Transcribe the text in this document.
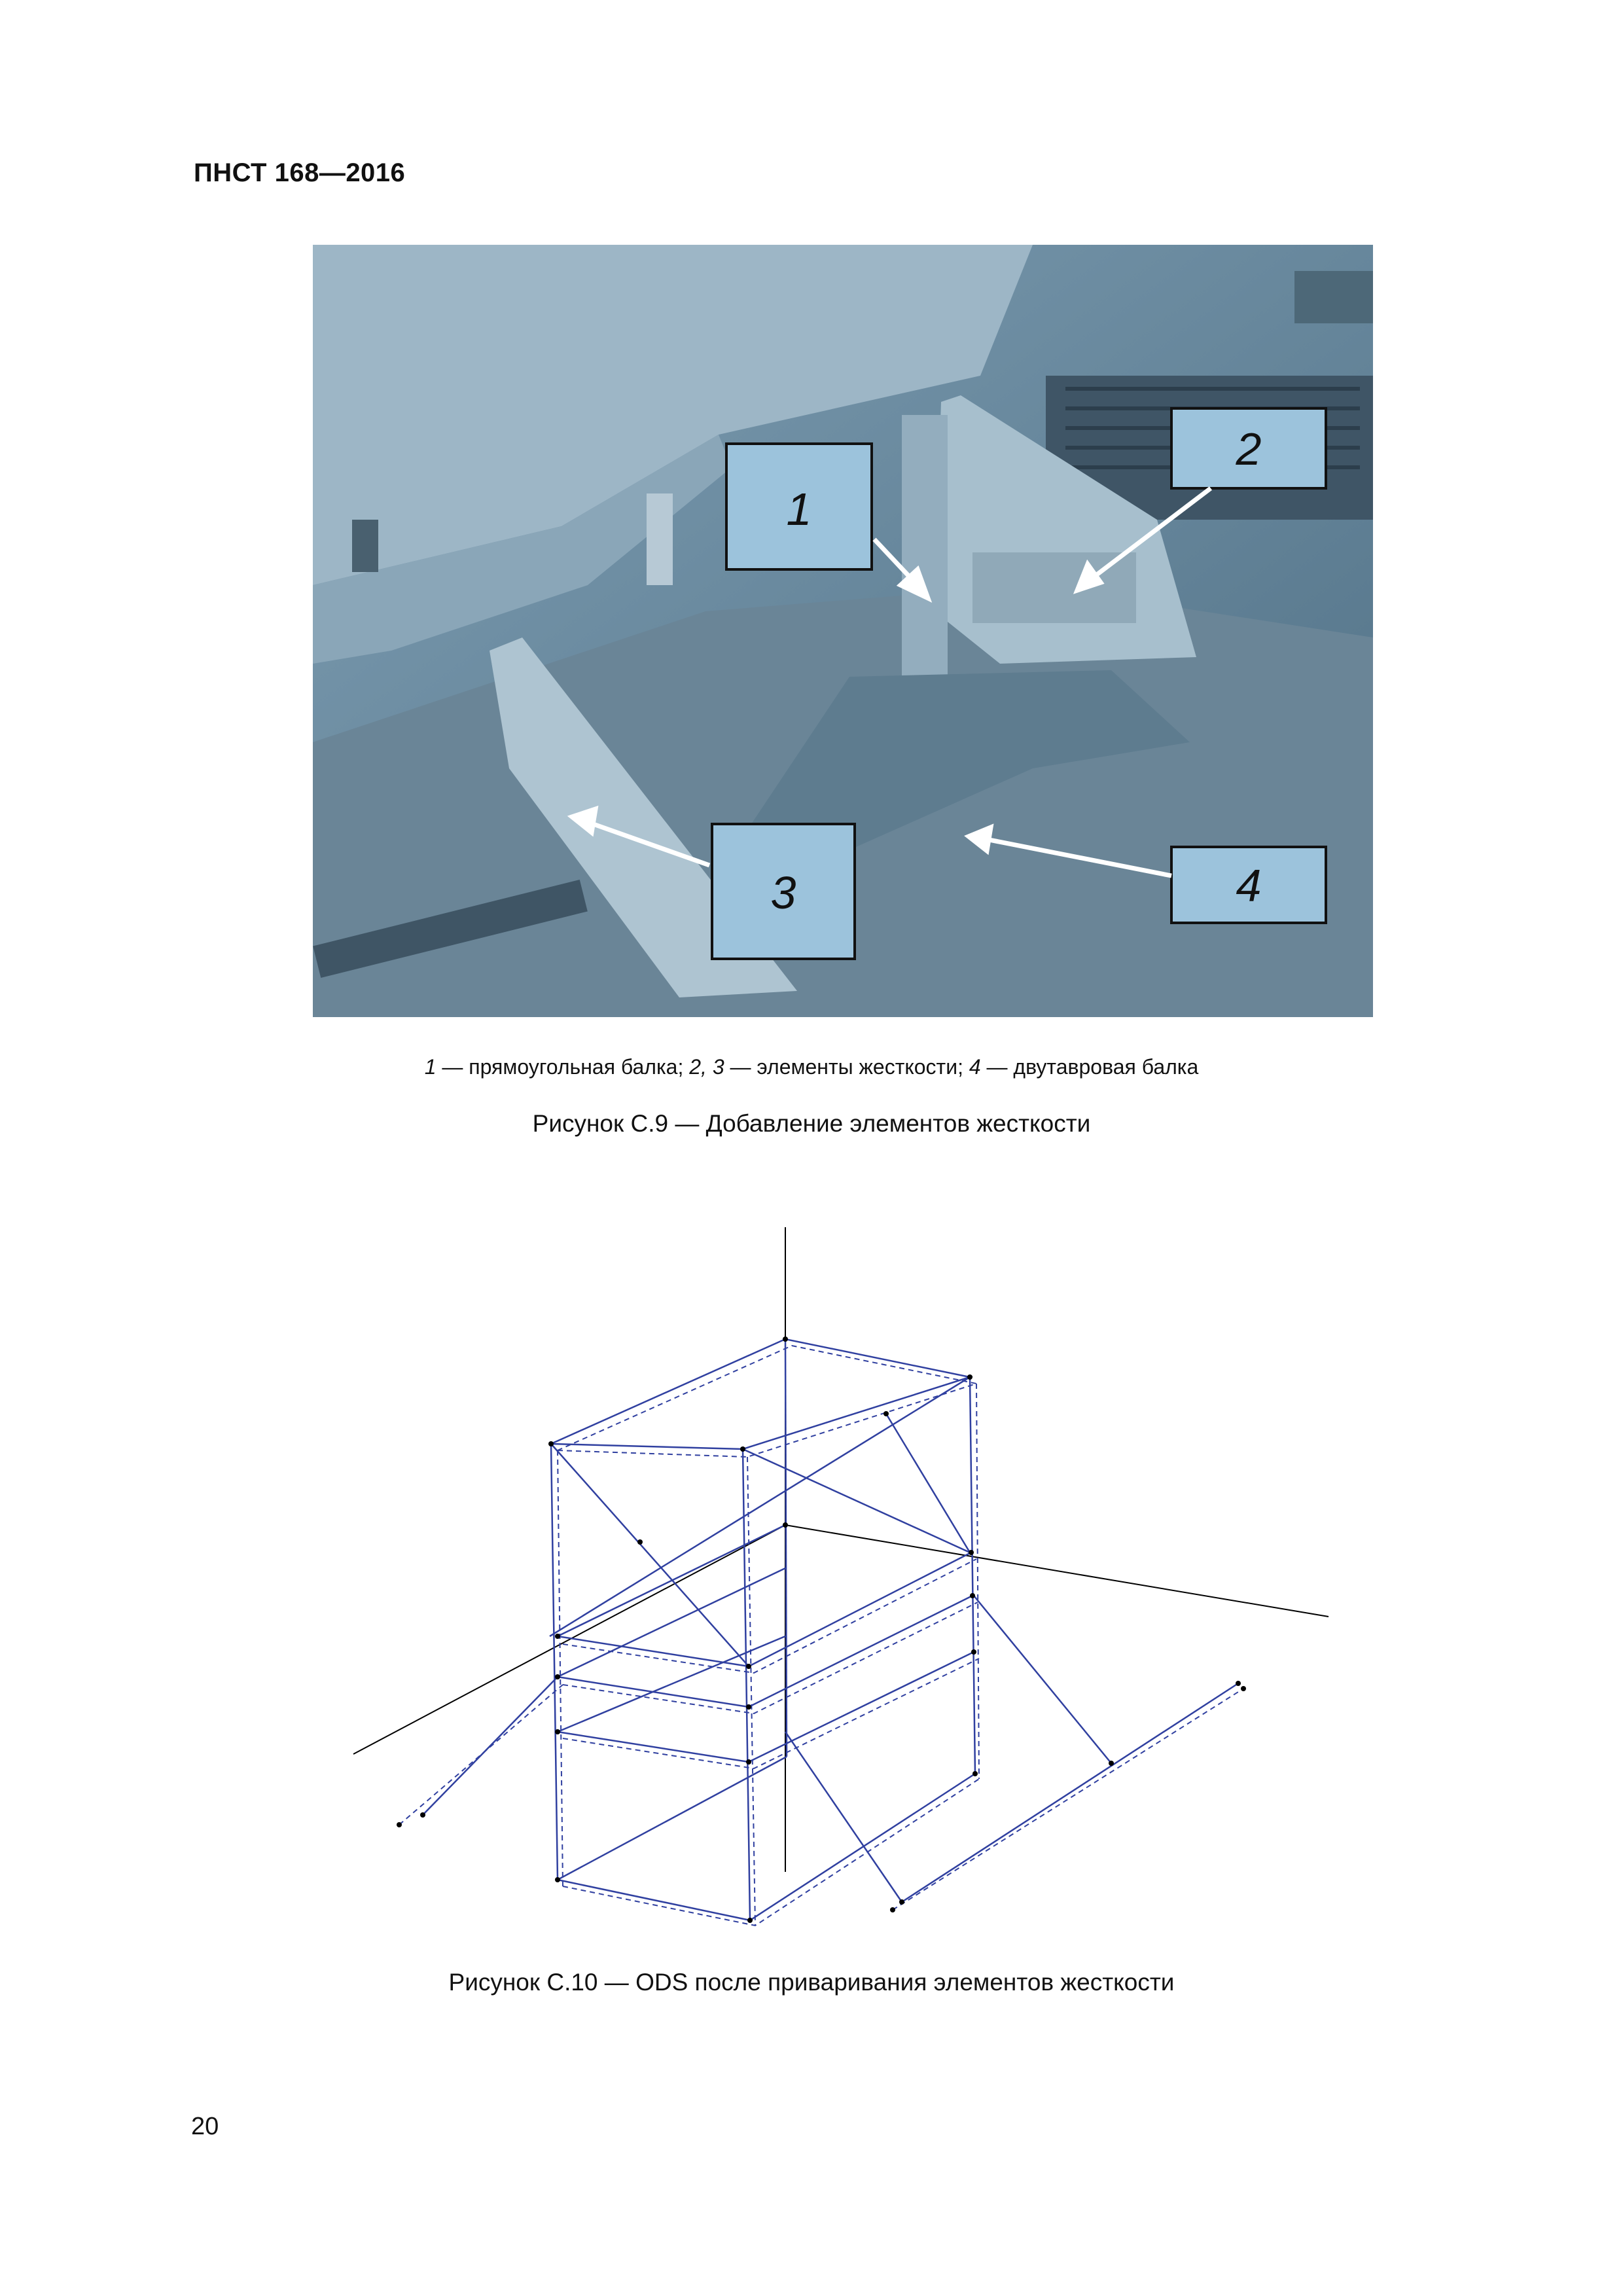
ПНСТ 168—2016
1
2
3	4
1 — прямоугольная балка; 2, 3 — элементы жесткости; 4 — двутавровая балка
Рисунок С.9 — Добавление элементов жесткости
Рисунок С.10 — ODS после приваривания элементов жесткости
20
